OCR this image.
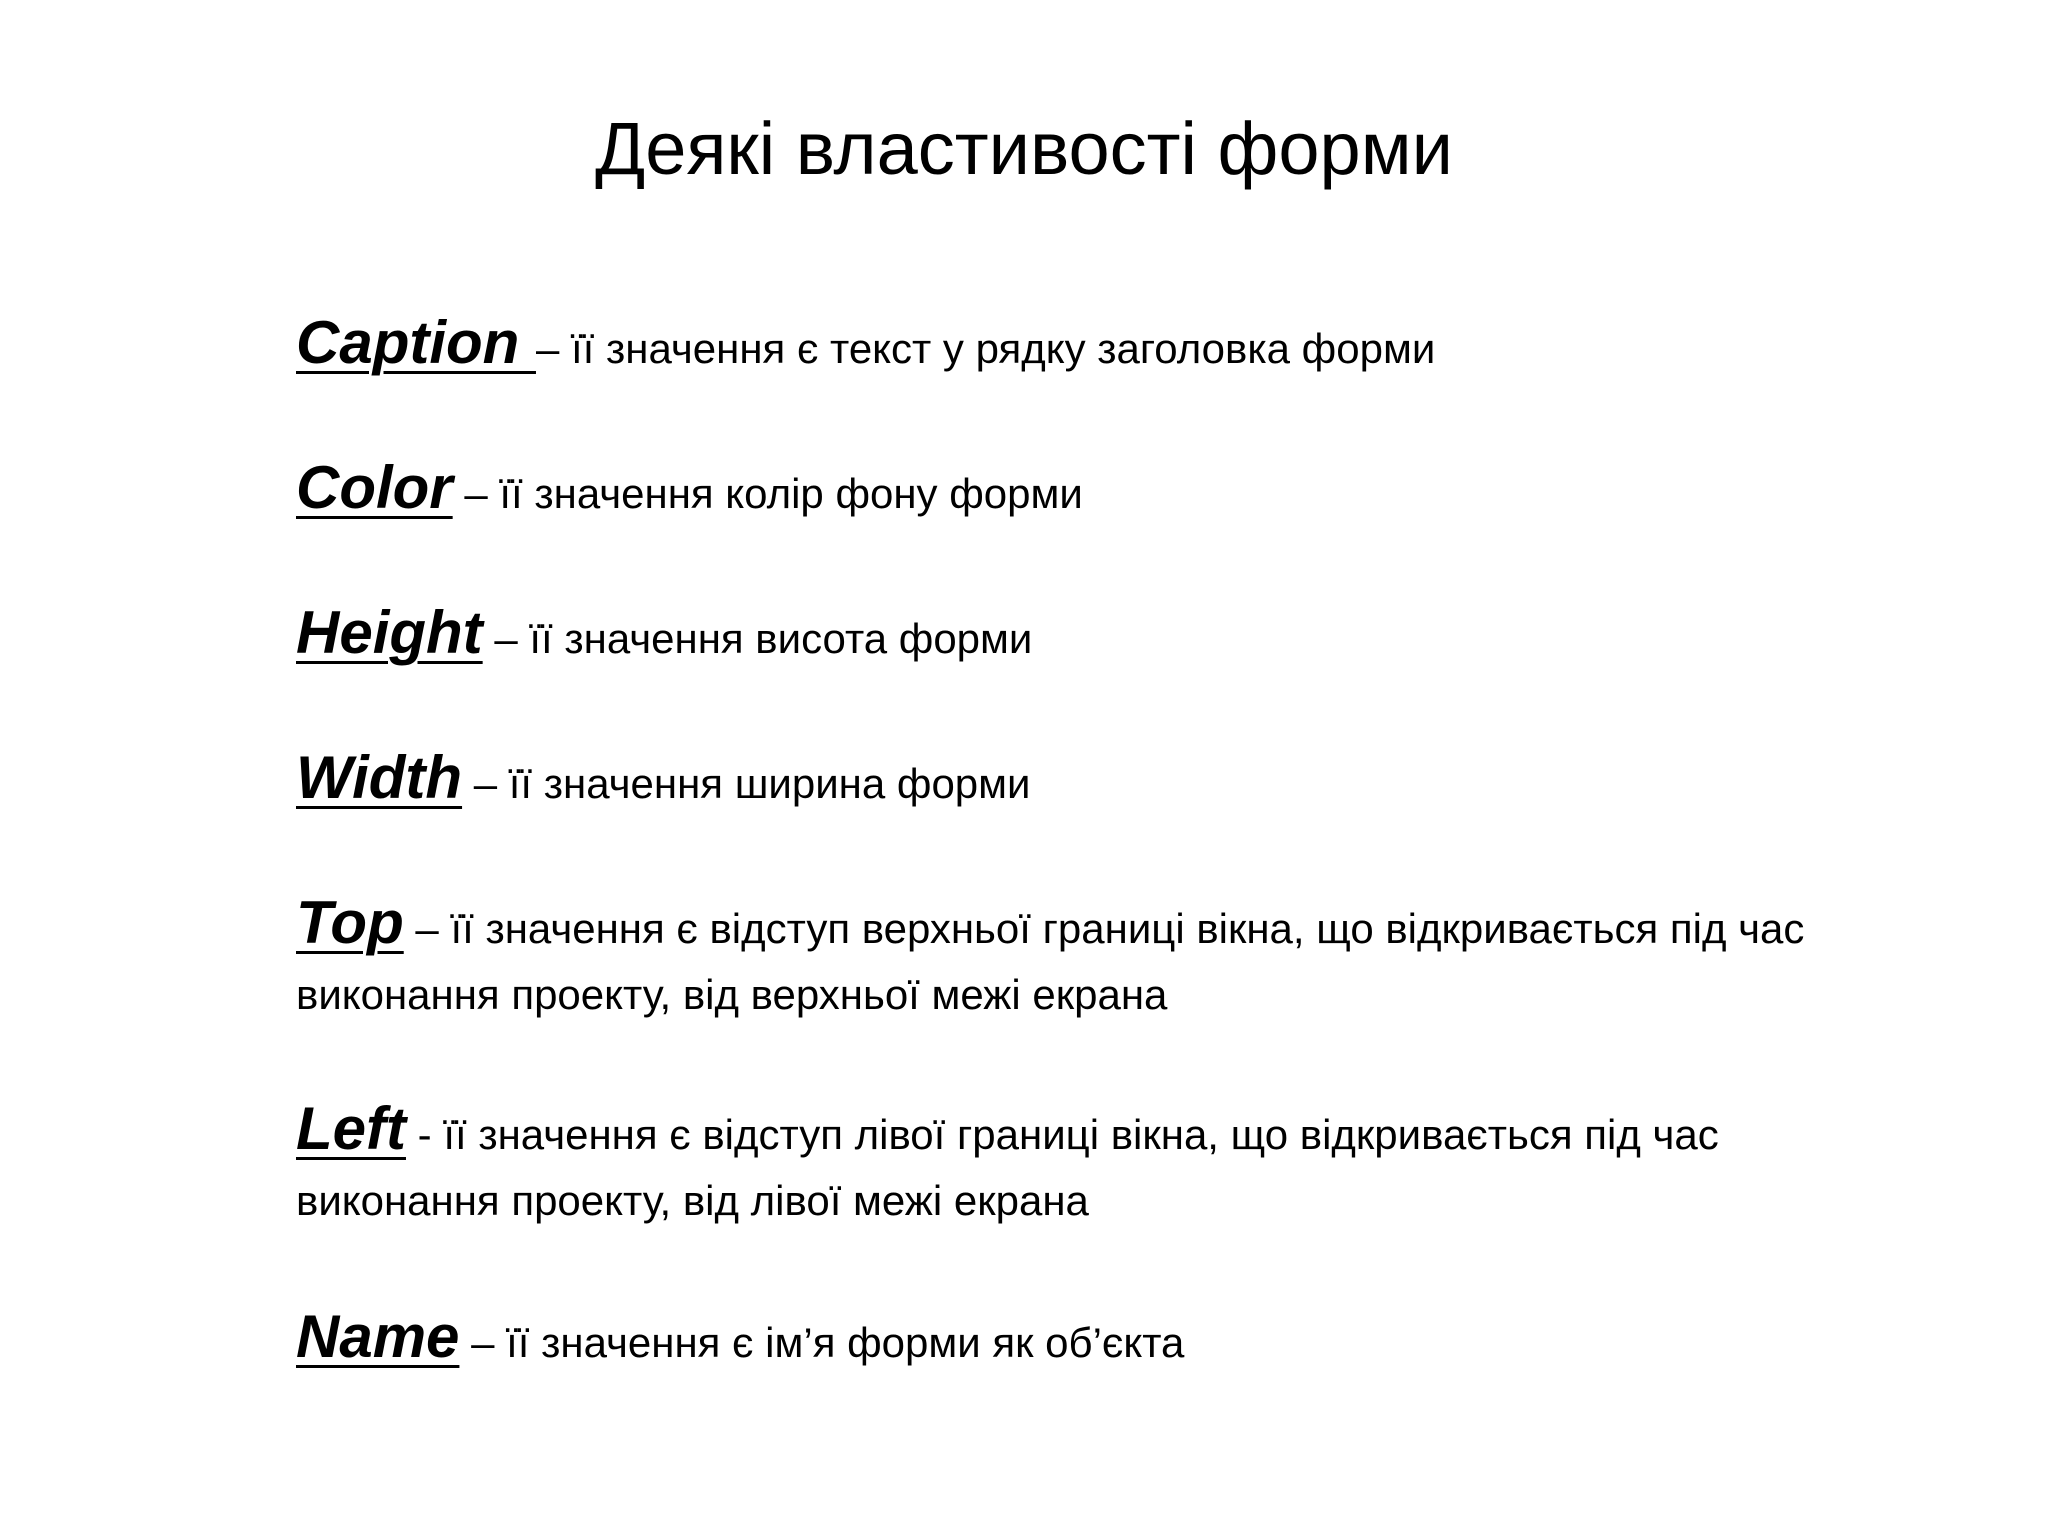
Деякі властивості форми
Caption – її значення є текст у рядку заголовка форми
Color – її значення колір фону форми
Height – її значення висота форми
Width – її значення ширина форми
Top – її значення є відступ верхньої границі вікна, що відкривається під час виконання проекту, від верхньої межі екрана
Left - її значення є відступ лівої границі вікна, що відкривається під час виконання проекту, від лівої межі екрана
Name – її значення є ім’я форми як об’єкта
